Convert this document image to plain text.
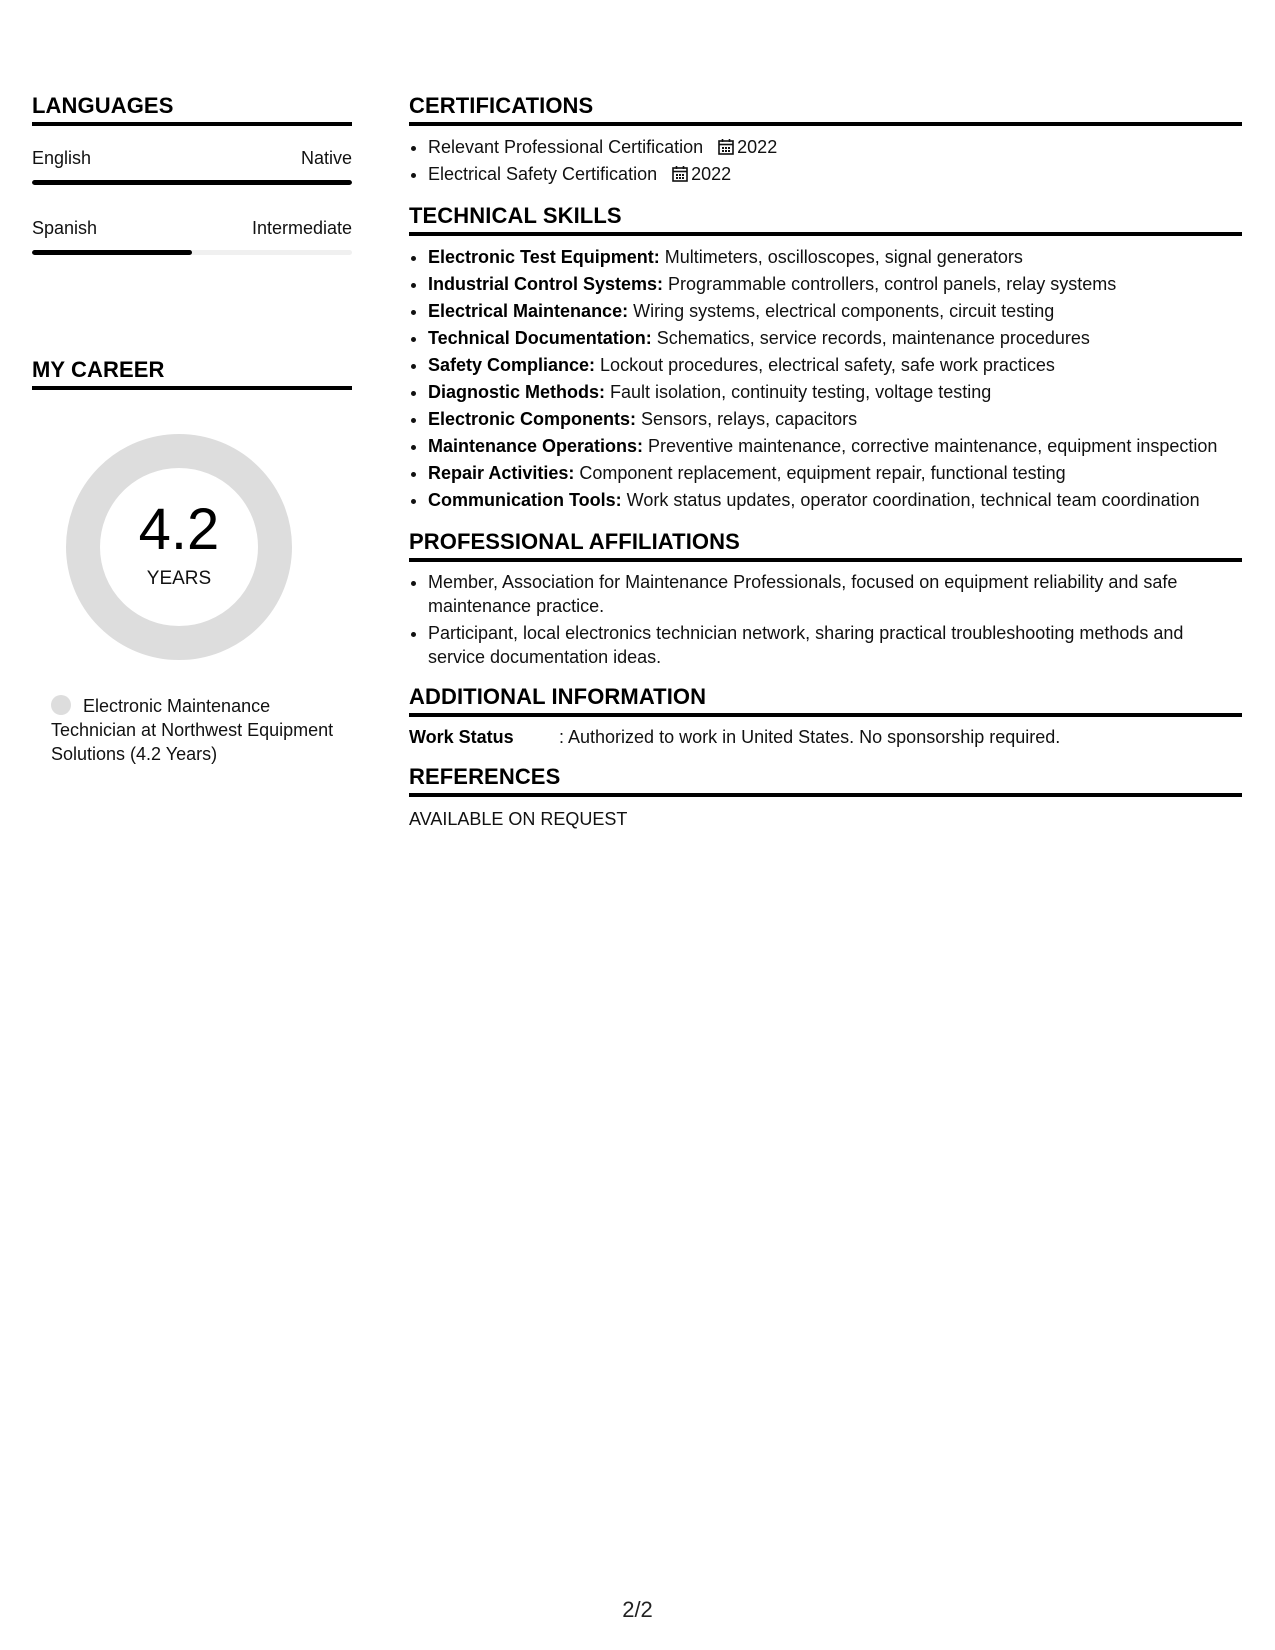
LANGUAGES
English	Native
Spanish	Intermediate
MY CAREER
4.2
YEARS
Electronic Maintenance Technician at Northwest Equipment Solutions (4.2 Years)
CERTIFICATIONS
• Relevant Professional Certification 2022
• Electrical Safety Certification 2022
TECHNICAL SKILLS
• Electronic Test Equipment: Multimeters, oscilloscopes, signal generators
• Industrial Control Systems: Programmable controllers, control panels, relay systems
• Electrical Maintenance: Wiring systems, electrical components, circuit testing
• Technical Documentation: Schematics, service records, maintenance procedures
• Safety Compliance: Lockout procedures, electrical safety, safe work practices
• Diagnostic Methods: Fault isolation, continuity testing, voltage testing
• Electronic Components: Sensors, relays, capacitors
• Maintenance Operations: Preventive maintenance, corrective maintenance, equipment inspection
• Repair Activities: Component replacement, equipment repair, functional testing
• Communication Tools: Work status updates, operator coordination, technical team coordination
PROFESSIONAL AFFILIATIONS
• Member, Association for Maintenance Professionals, focused on equipment reliability and safe maintenance practice.
• Participant, local electronics technician network, sharing practical troubleshooting methods and service documentation ideas.
ADDITIONAL INFORMATION
Work Status	: Authorized to work in United States. No sponsorship required.
REFERENCES
AVAILABLE ON REQUEST
2/2
